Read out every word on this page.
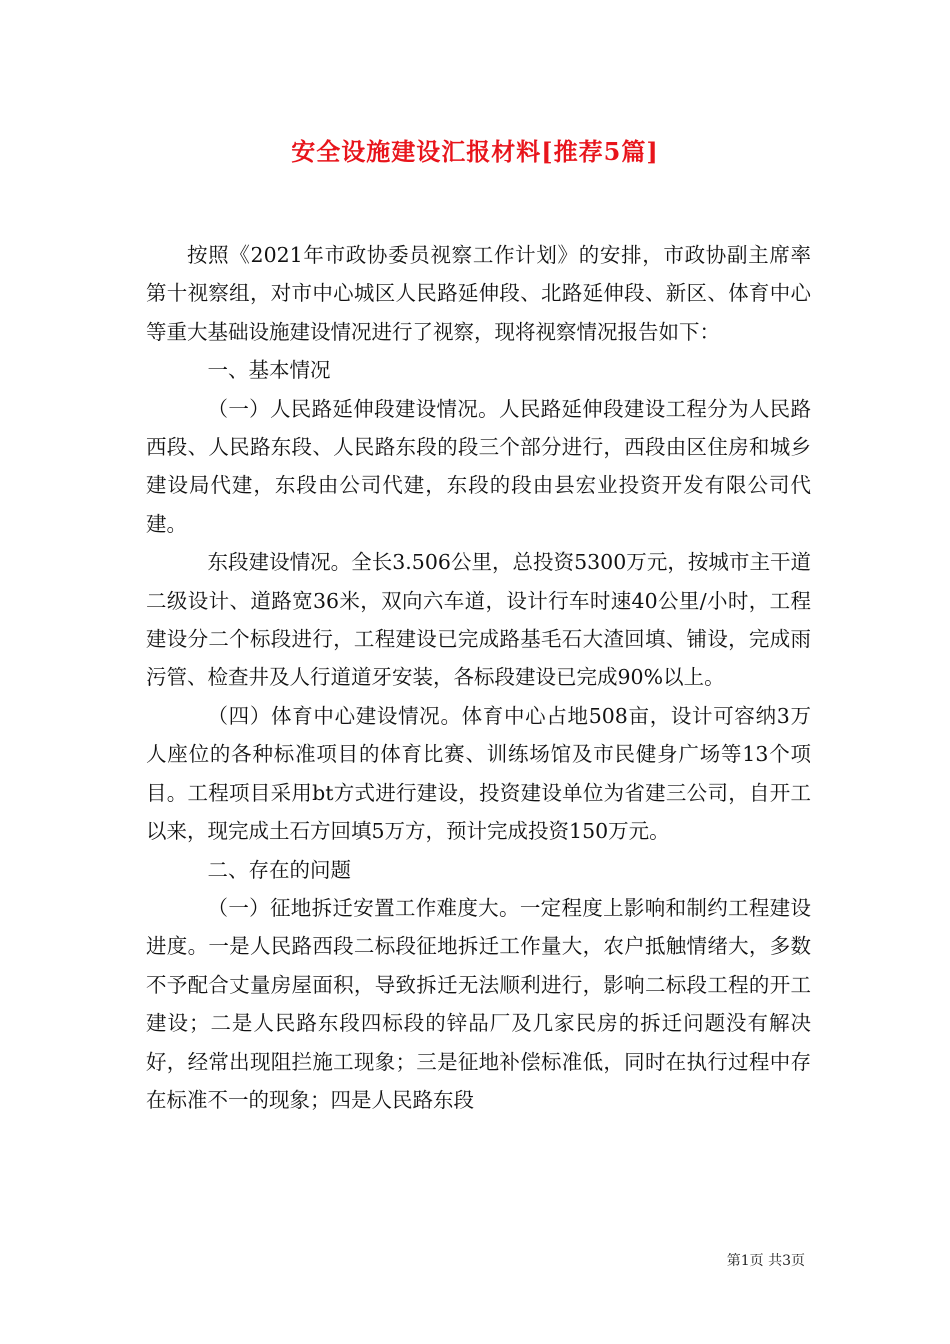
安全设施建设汇报材料[推荐5篇]

按照《2021年市政协委员视察工作计划》的安排，市政协副主席率第十视察组，对市中心城区人民路延伸段、北路延伸段、新区、体育中心等重大基础设施建设情况进行了视察，现将视察情况报告如下：

一、基本情况

（一）人民路延伸段建设情况。人民路延伸段建设工程分为人民路西段、人民路东段、人民路东段的段三个部分进行，西段由区住房和城乡建设局代建，东段由公司代建，东段的段由县宏业投资开发有限公司代建。

东段建设情况。全长3.506公里，总投资5300万元，按城市主干道二级设计、道路宽36米，双向六车道，设计行车时速40公里/小时，工程建设分二个标段进行，工程建设已完成路基毛石大渣回填、铺设，完成雨污管、检查井及人行道道牙安装，各标段建设已完成90%以上。

（四）体育中心建设情况。体育中心占地508亩，设计可容纳3万人座位的各种标准项目的体育比赛、训练场馆及市民健身广场等13个项目。工程项目采用bt方式进行建设，投资建设单位为省建三公司，自开工以来，现完成土石方回填5万方，预计完成投资150万元。

二、存在的问题

（一）征地拆迁安置工作难度大。一定程度上影响和制约工程建设进度。一是人民路西段二标段征地拆迁工作量大，农户抵触情绪大，多数不予配合丈量房屋面积，导致拆迁无法顺利进行，影响二标段工程的开工建设；二是人民路东段四标段的锌品厂及几家民房的拆迁问题没有解决好，经常出现阻拦施工现象；三是征地补偿标准低，同时在执行过程中存在标准不一的现象；四是人民路东段

第1页 共3页
